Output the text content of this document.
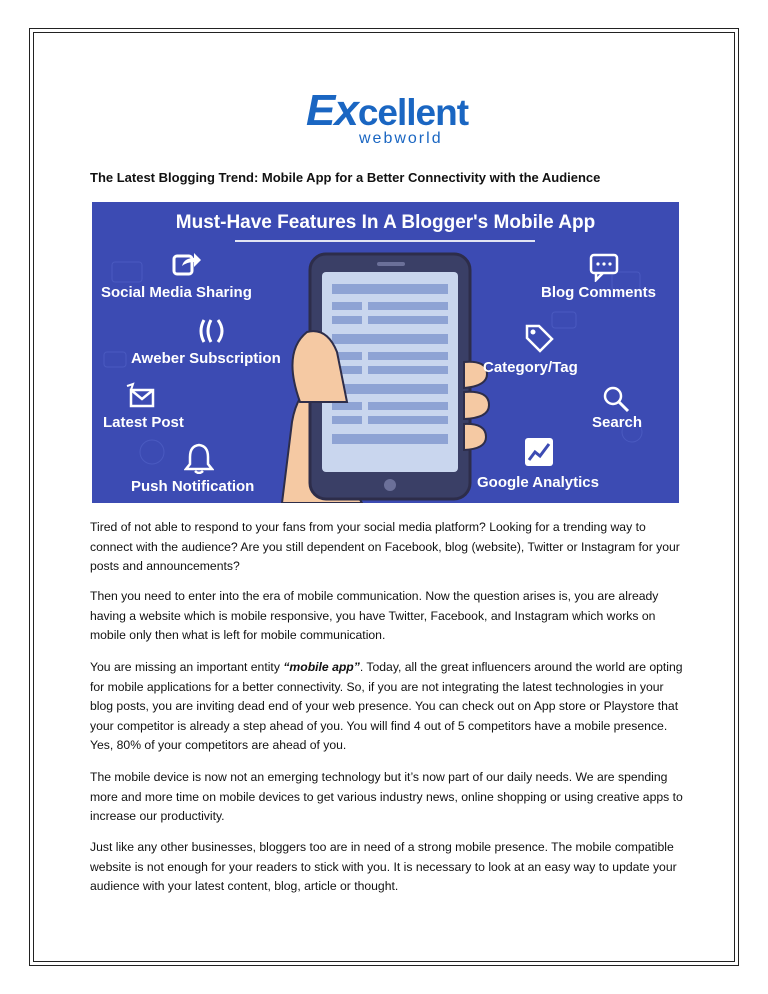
Excellent
webworld
The Latest Blogging Trend: Mobile App for a Better Connectivity with the Audience
Must-Have Features In A Blogger's Mobile App
Social Media Sharing
Aweber Subscription
Latest Post
Push Notification
Blog Comments
Category/Tag
Search
Google Analytics

Tired of not able to respond to your fans from your social media platform? Looking for a trending way to connect with the audience? Are you still dependent on Facebook, blog (website), Twitter or Instagram for your posts and announcements?

Then you need to enter into the era of mobile communication. Now the question arises is, you are already having a website which is mobile responsive, you have Twitter, Facebook, and Instagram which works on mobile only then what is left for mobile communication.

You are missing an important entity “mobile app”. Today, all the great influencers around the world are opting for mobile applications for a better connectivity. So, if you are not integrating the latest technologies in your blog posts, you are inviting dead end of your web presence. You can check out on App store or Playstore that your competitor is already a step ahead of you. You will find 4 out of 5 competitors have a mobile presence. Yes, 80% of your competitors are ahead of you.

The mobile device is now not an emerging technology but it’s now part of our daily needs. We are spending more and more time on mobile devices to get various industry news, online shopping or using creative apps to increase our productivity.

Just like any other businesses, bloggers too are in need of a strong mobile presence. The mobile compatible website is not enough for your readers to stick with you. It is necessary to look at an easy way to update your audience with your latest content, blog, article or thought.
